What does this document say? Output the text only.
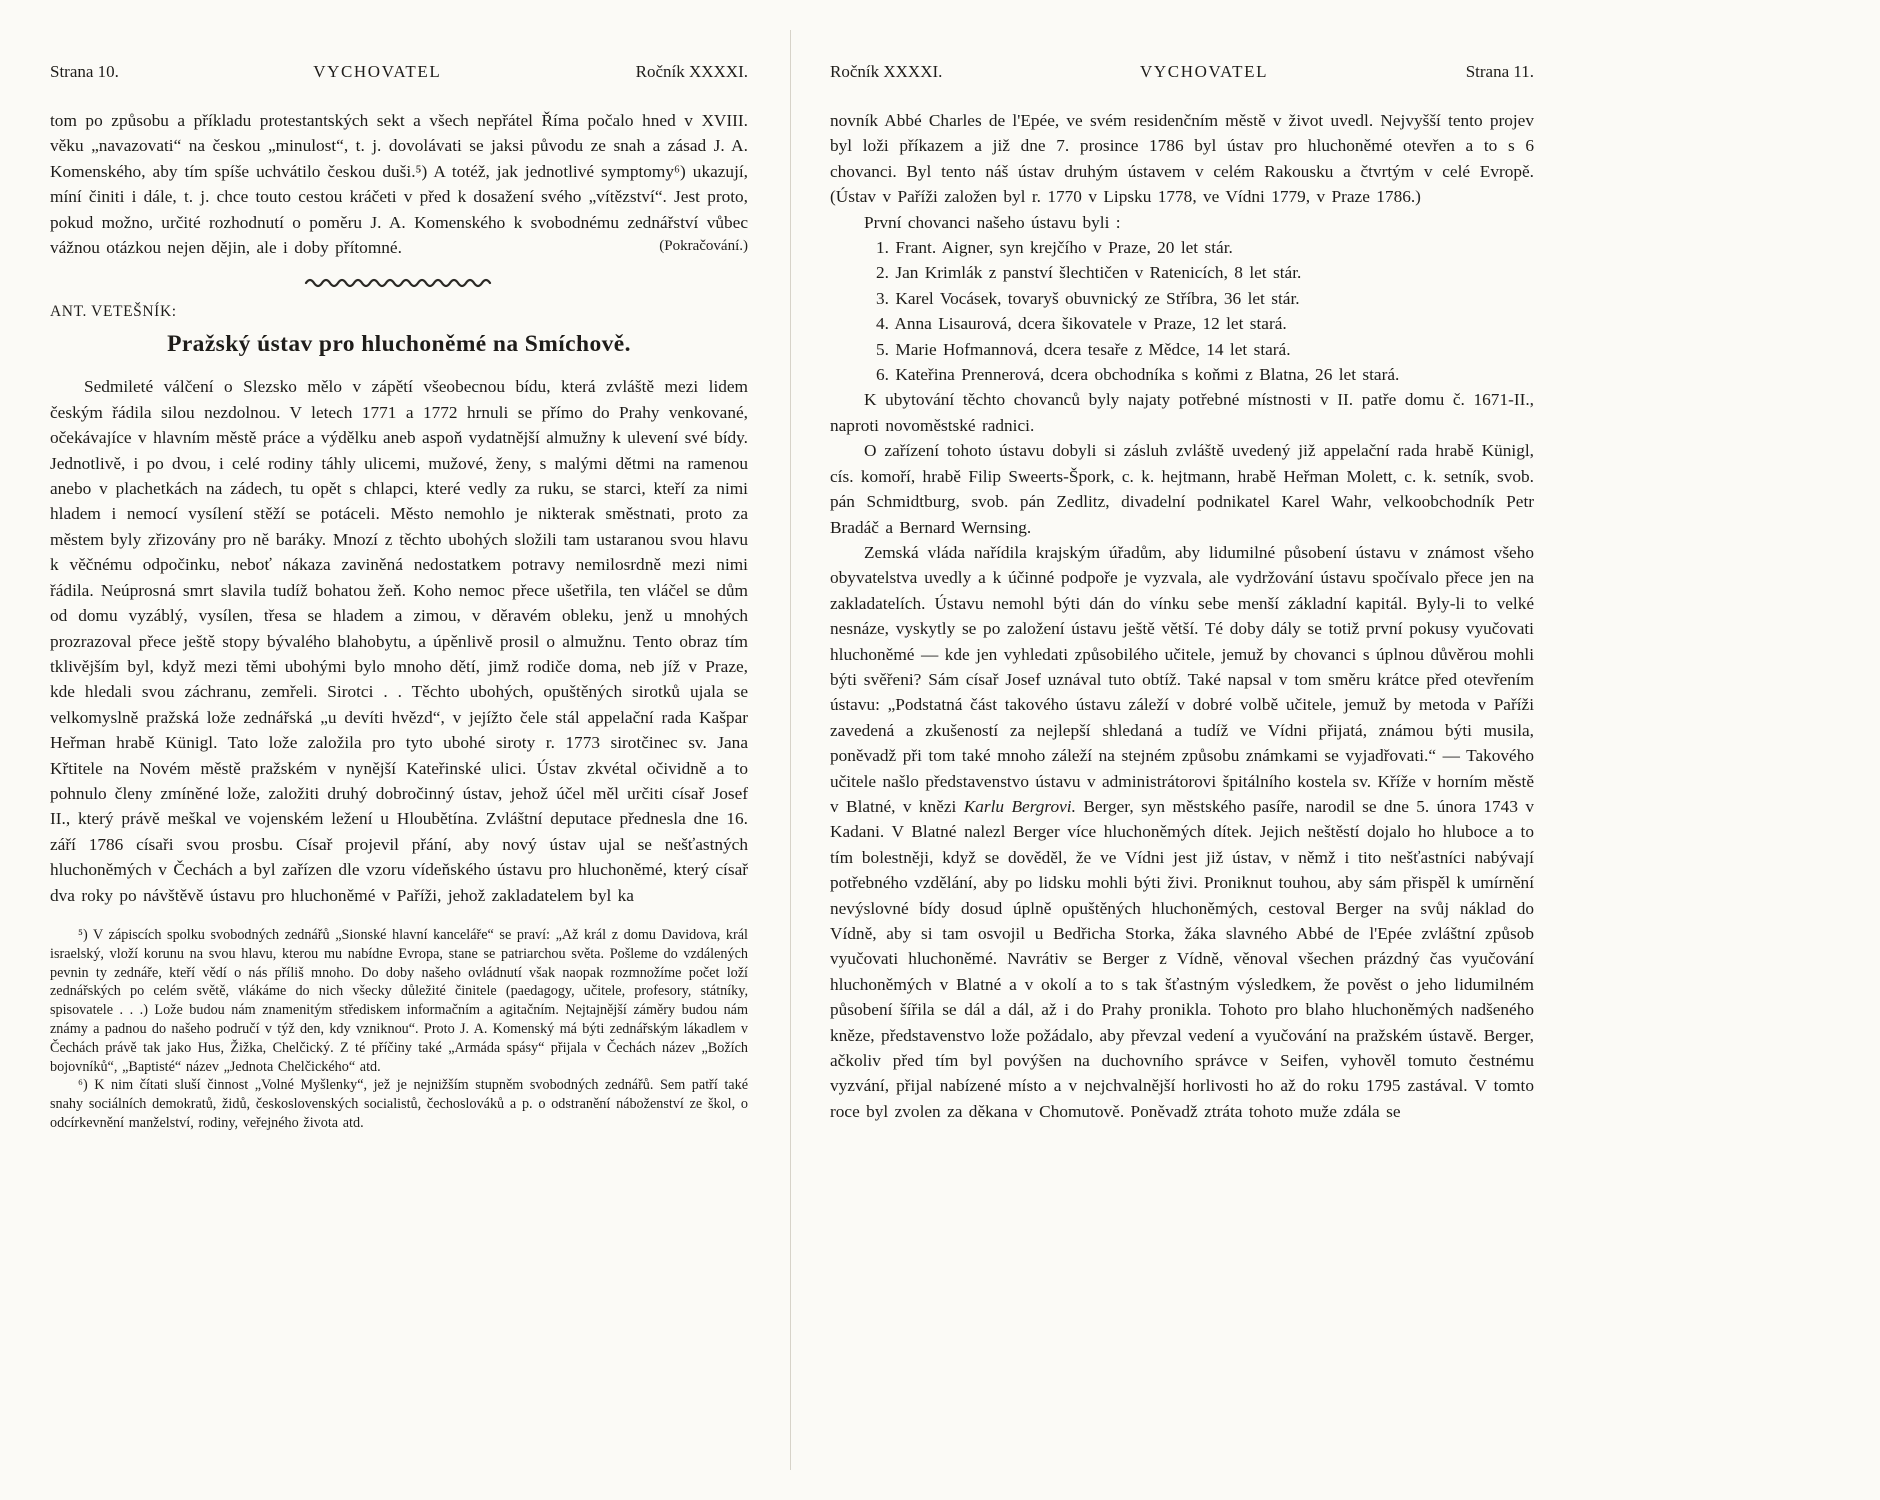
Strana 10.	VYCHOVATEL	Ročník XXXXI.

tom po způsobu a příkladu protestantských sekt a všech nepřátel Říma počalo hned v XVIII. věku „navazovati“ na českou „minulost“, t. j. dovolávati se jaksi původu ze snah a zásad J. A. Komenského, aby tím spíše uchvátilo českou duši.⁵) A totéž, jak jednotlivé symptomy⁶) ukazují, míní činiti i dále, t. j. chce touto cestou kráčeti v před k dosažení svého „vítězství“. Jest proto, pokud možno, určité rozhodnutí o poměru J. A. Komenského k svobodnému zednářství vůbec vážnou otázkou nejen dějin, ale i doby přítomné.	(Pokračování.)

ANT. VETEŠNÍK:

Pražský ústav pro hluchoněmé na Smíchově.

Sedmileté válčení o Slezsko mělo v zápětí všeobecnou bídu, která zvláště mezi lidem českým řádila silou nezdolnou. V letech 1771 a 1772 hrnuli se přímo do Prahy venkované, očekávajíce v hlavním městě práce a výdělku aneb aspoň vydatnější almužny k ulevení své bídy. Jednotlivě, i po dvou, i celé rodiny táhly ulicemi, mužové, ženy, s malými dětmi na ramenou anebo v plachetkách na zádech, tu opět s chlapci, které vedly za ruku, se starci, kteří za nimi hladem i nemocí vysílení stěží se potáceli. Město nemohlo je nikterak směstnati, proto za městem byly zřizovány pro ně baráky. Mnozí z těchto ubohých složili tam ustaranou svou hlavu k věčnému odpočinku, neboť nákaza zaviněná nedostatkem potravy nemilosrdně mezi nimi řádila. Neúprosná smrt slavila tudíž bohatou žeň. Koho nemoc přece ušetřila, ten vláčel se dům od domu vyzáblý, vysílen, třesa se hladem a zimou, v děravém obleku, jenž u mnohých prozrazoval přece ještě stopy bývalého blahobytu, a úpěnlivě prosil o almužnu. Tento obraz tím tklivějším byl, když mezi těmi ubohými bylo mnoho dětí, jimž rodiče doma, neb jíž v Praze, kde hledali svou záchranu, zemřeli. Sirotci . . Těchto ubohých, opuštěných sirotků ujala se velkomyslně pražská lože zednářská „u devíti hvězd“, v jejížto čele stál appelační rada Kašpar Heřman hrabě Künigl. Tato lože založila pro tyto ubohé siroty r. 1773 sirotčinec sv. Jana Křtitele na Novém městě pražském v nynější Kateřinské ulici. Ústav zkvétal očividně a to pohnulo členy zmíněné lože, založiti druhý dobročinný ústav, jehož účel měl určiti císař Josef II., který právě meškal ve vojenském ležení u Hloubětína. Zvláštní deputace přednesla dne 16. září 1786 císaři svou prosbu. Císař projevil přání, aby nový ústav ujal se nešťastných hluchoněmých v Čechách a byl zařízen dle vzoru vídeňského ústavu pro hluchoněmé, který císař dva roky po návštěvě ústavu pro hluchoněmé v Paříži, jehož zakladatelem byl ka

⁵) V zápiscích spolku svobodných zednářů „Sionské hlavní kanceláře“ se praví: „Až král z domu Davidova, král israelský, vloží korunu na svou hlavu, kterou mu nabídne Evropa, stane se patriarchou světa. Pošleme do vzdálených pevnin ty zednáře, kteří vědí o nás příliš mnoho. Do doby našeho ovládnutí však naopak rozmnožíme počet loží zednářských po celém světě, vlákáme do nich všecky důležité činitele (paedagogy, učitele, profesory, státníky, spisovatele . . .) Lože budou nám znamenitým střediskem informačním a agitačním. Nejtajnější záměry budou nám známy a padnou do našeho područí v týž den, kdy vzniknou“. Proto J. A. Komenský má býti zednářským lákadlem v Čechách právě tak jako Hus, Žižka, Chelčický. Z té příčiny také „Armáda spásy“ přijala v Čechách název „Božích bojovníků“, „Baptisté“ název „Jednota Chelčického“ atd.

⁶) K nim čítati sluší činnost „Volné Myšlenky“, jež je nejnižším stupněm svobodných zednářů. Sem patří také snahy sociálních demokratů, židů, československých socialistů, čechoslováků a p. o odstranění náboženství ze škol, o odcírkevnění manželství, rodiny, veřejného života atd.

Ročník XXXXI.	VYCHOVATEL	Strana 11.

novník Abbé Charles de l'Epée, ve svém residenčním městě v život uvedl. Nejvyšší tento projev byl loži příkazem a již dne 7. prosince 1786 byl ústav pro hluchoněmé otevřen a to s 6 chovanci. Byl tento náš ústav druhým ústavem v celém Rakousku a čtvrtým v celé Evropě. (Ústav v Paříži založen byl r. 1770 v Lipsku 1778, ve Vídni 1779, v Praze 1786.)

První chovanci našeho ústavu byli :

1. Frant. Aigner, syn krejčího v Praze, 20 let stár.

2. Jan Krimlák z panství šlechtičen v Ratenicích, 8 let stár.

3. Karel Vocásek, tovaryš obuvnický ze Stříbra, 36 let stár.

4. Anna Lisaurová, dcera šikovatele v Praze, 12 let stará.

5. Marie Hofmannová, dcera tesaře z Mědce, 14 let stará.

6. Kateřina Prennerová, dcera obchodníka s koňmi z Blatna, 26 let stará.

K ubytování těchto chovanců byly najaty potřebné místnosti v II. patře domu č. 1671-II., naproti novoměstské radnici.

O zařízení tohoto ústavu dobyli si zásluh zvláště uvedený již appelační rada hrabě Künigl, cís. komoří, hrabě Filip Sweerts-Špork, c. k. hejtmann, hrabě Heřman Molett, c. k. setník, svob. pán Schmidtburg, svob. pán Zedlitz, divadelní podnikatel Karel Wahr, velkoobchodník Petr Bradáč a Bernard Wernsing.

Zemská vláda nařídila krajským úřadům, aby lidumilné působení ústavu v známost všeho obyvatelstva uvedly a k účinné podpoře je vyzvala, ale vydržování ústavu spočívalo přece jen na zakladatelích. Ústavu nemohl býti dán do vínku sebe menší základní kapitál. Byly-li to velké nesnáze, vyskytly se po založení ústavu ještě větší. Té doby dály se totiž první pokusy vyučovati hluchoněmé — kde jen vyhledati způsobilého učitele, jemuž by chovanci s úplnou důvěrou mohli býti svěřeni? Sám císař Josef uznával tuto obtíž. Také napsal v tom směru krátce před otevřením ústavu: „Podstatná část takového ústavu záleží v dobré volbě učitele, jemuž by metoda v Paříži zavedená a zkušeností za nejlepší shledaná a tudíž ve Vídni přijatá, známou býti musila, poněvadž při tom také mnoho záleží na stejném způsobu známkami se vyjadřovati.“ — Takového učitele našlo představenstvo ústavu v administrátorovi špitálního kostela sv. Kříže v horním městě v Blatné, v knězi Karlu Bergrovi. Berger, syn městského pasíře, narodil se dne 5. února 1743 v Kadani. V Blatné nalezl Berger více hluchoněmých dítek. Jejich neštěstí dojalo ho hluboce a to tím bolestněji, když se dověděl, že ve Vídni jest již ústav, v němž i tito nešťastníci nabývají potřebného vzdělání, aby po lidsku mohli býti živi. Proniknut touhou, aby sám přispěl k umírnění nevýslovné bídy dosud úplně opuštěných hluchoněmých, cestoval Berger na svůj náklad do Vídně, aby si tam osvojil u Bedřicha Storka, žáka slavného Abbé de l'Epée zvláštní způsob vyučovati hluchoněmé. Navrátiv se Berger z Vídně, věnoval všechen prázdný čas vyučování hluchoněmých v Blatné a v okolí a to s tak šťastným výsledkem, že pověst o jeho lidumilném působení šířila se dál a dál, až i do Prahy pronikla. Tohoto pro blaho hluchoněmých nadšeného kněze, představenstvo lože požádalo, aby převzal vedení a vyučování na pražském ústavě. Berger, ačkoliv před tím byl povýšen na duchovního správce v Seifen, vyhověl tomuto čestnému vyzvání, přijal nabízené místo a v nejchvalnější horlivosti ho až do roku 1795 zastával. V tomto roce byl zvolen za děkana v Chomutově. Poněvadž ztráta tohoto muže zdála se
